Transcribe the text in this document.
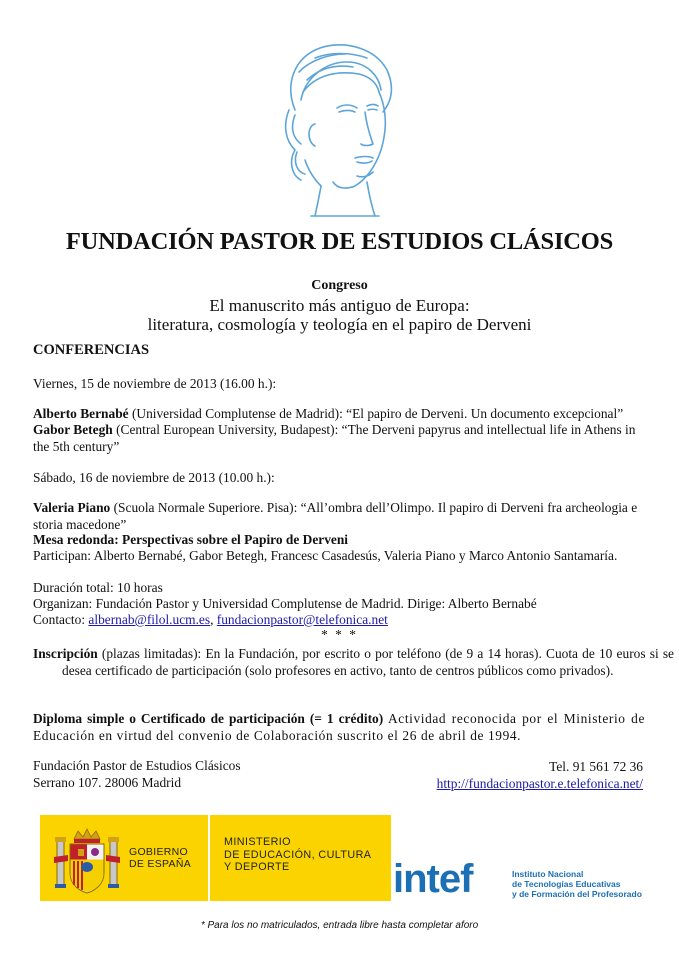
FUNDACIÓN PASTOR DE ESTUDIOS CLÁSICOS
Congreso
El manuscrito más antiguo de Europa:
literatura, cosmología y teología en el papiro de Derveni
CONFERENCIAS
Viernes, 15 de noviembre de 2013 (16.00 h.):
Alberto Bernabé (Universidad Complutense de Madrid): “El papiro de Derveni. Un documento excepcional”
Gabor Betegh (Central European University, Budapest): “The Derveni papyrus and intellectual life in Athens in the 5th century”
Sábado, 16 de noviembre de 2013 (10.00 h.):
Valeria Piano (Scuola Normale Superiore. Pisa): “All’ombra dell’Olimpo. Il papiro di Derveni fra archeologia e storia macedone”
Mesa redonda: Perspectivas sobre el Papiro de Derveni
Participan: Alberto Bernabé, Gabor Betegh, Francesc Casadesús, Valeria Piano y Marco Antonio Santamaría.
Duración total: 10 horas
Organizan: Fundación Pastor y Universidad Complutense de Madrid. Dirige: Alberto Bernabé
Contacto: albernab@filol.ucm.es, fundacionpastor@telefonica.net
* * *
Inscripción (plazas limitadas): En la Fundación, por escrito o por teléfono (de 9 a 14 horas). Cuota de 10 euros si se desea certificado de participación (solo profesores en activo, tanto de centros públicos como privados).
Diploma simple o Certificado de participación (= 1 crédito) Actividad reconocida por el Ministerio de Educación en virtud del convenio de Colaboración suscrito el 26 de abril de 1994.
Fundación Pastor de Estudios Clásicos
Serrano 107. 28006 Madrid
Tel. 91 561 72 36
http://fundacionpastor.e.telefonica.net/
GOBIERNO
DE ESPAÑA
MINISTERIO
DE EDUCACIÓN, CULTURA
Y DEPORTE	intef	Instituto Nacional
de Tecnologías Educativas
y de Formación del Profesorado
* Para los no matriculados, entrada libre hasta completar aforo
